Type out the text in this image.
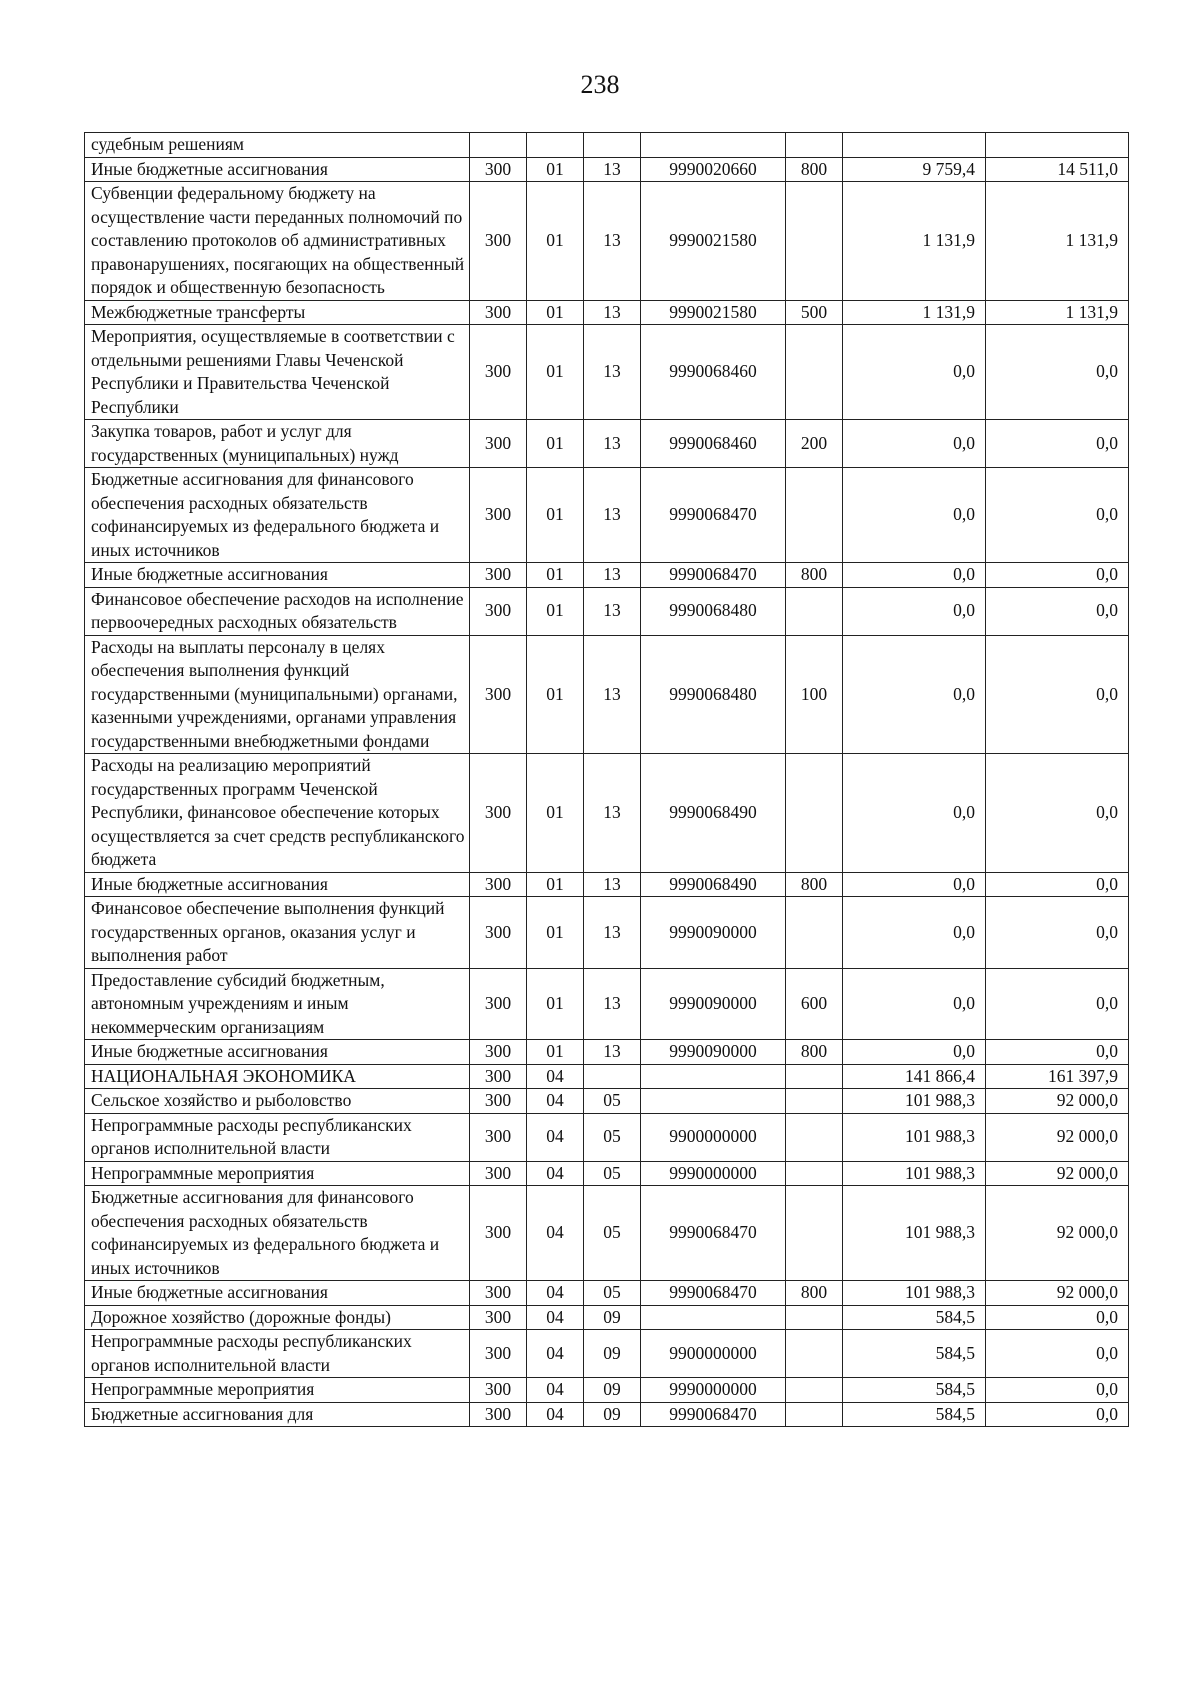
238
судебным решениям							
Иные бюджетные ассигнования	300	01	13	9990020660	800	9 759,4	14 511,0
Субвенции федеральному бюджету на осуществление части переданных полномочий по составлению протоколов об административных правонарушениях, посягающих на общественный порядок и общественную безопасность	300	01	13	9990021580		1 131,9	1 131,9
Межбюджетные трансферты	300	01	13	9990021580	500	1 131,9	1 131,9
Мероприятия, осуществляемые в соответствии с отдельными решениями Главы Чеченской Республики и Правительства Чеченской Республики	300	01	13	9990068460		0,0	0,0
Закупка товаров, работ и услуг для государственных (муниципальных) нужд	300	01	13	9990068460	200	0,0	0,0
Бюджетные ассигнования для финансового обеспечения расходных обязательств софинансируемых из федерального бюджета и иных источников	300	01	13	9990068470		0,0	0,0
Иные бюджетные ассигнования	300	01	13	9990068470	800	0,0	0,0
Финансовое обеспечение расходов на исполнение первоочередных расходных обязательств	300	01	13	9990068480		0,0	0,0
Расходы на выплаты персоналу в целях обеспечения выполнения функций государственными (муниципальными) органами, казенными учреждениями, органами управления государственными внебюджетными фондами	300	01	13	9990068480	100	0,0	0,0
Расходы на реализацию мероприятий государственных программ Чеченской Республики, финансовое обеспечение которых осуществляется за счет средств республиканского бюджета	300	01	13	9990068490		0,0	0,0
Иные бюджетные ассигнования	300	01	13	9990068490	800	0,0	0,0
Финансовое обеспечение выполнения функций государственных органов, оказания услуг и выполнения работ	300	01	13	9990090000		0,0	0,0
Предоставление субсидий бюджетным, автономным учреждениям и иным некоммерческим организациям	300	01	13	9990090000	600	0,0	0,0
Иные бюджетные ассигнования	300	01	13	9990090000	800	0,0	0,0
НАЦИОНАЛЬНАЯ ЭКОНОМИКА	300	04				141 866,4	161 397,9
Сельское хозяйство и рыболовство	300	04	05			101 988,3	92 000,0
Непрограммные расходы республиканских органов исполнительной власти	300	04	05	9900000000		101 988,3	92 000,0
Непрограммные мероприятия	300	04	05	9990000000		101 988,3	92 000,0
Бюджетные ассигнования для финансового обеспечения расходных обязательств софинансируемых из федерального бюджета и иных источников	300	04	05	9990068470		101 988,3	92 000,0
Иные бюджетные ассигнования	300	04	05	9990068470	800	101 988,3	92 000,0
Дорожное хозяйство (дорожные фонды)	300	04	09			584,5	0,0
Непрограммные расходы республиканских органов исполнительной власти	300	04	09	9900000000		584,5	0,0
Непрограммные мероприятия	300	04	09	9990000000		584,5	0,0
Бюджетные ассигнования для	300	04	09	9990068470		584,5	0,0
